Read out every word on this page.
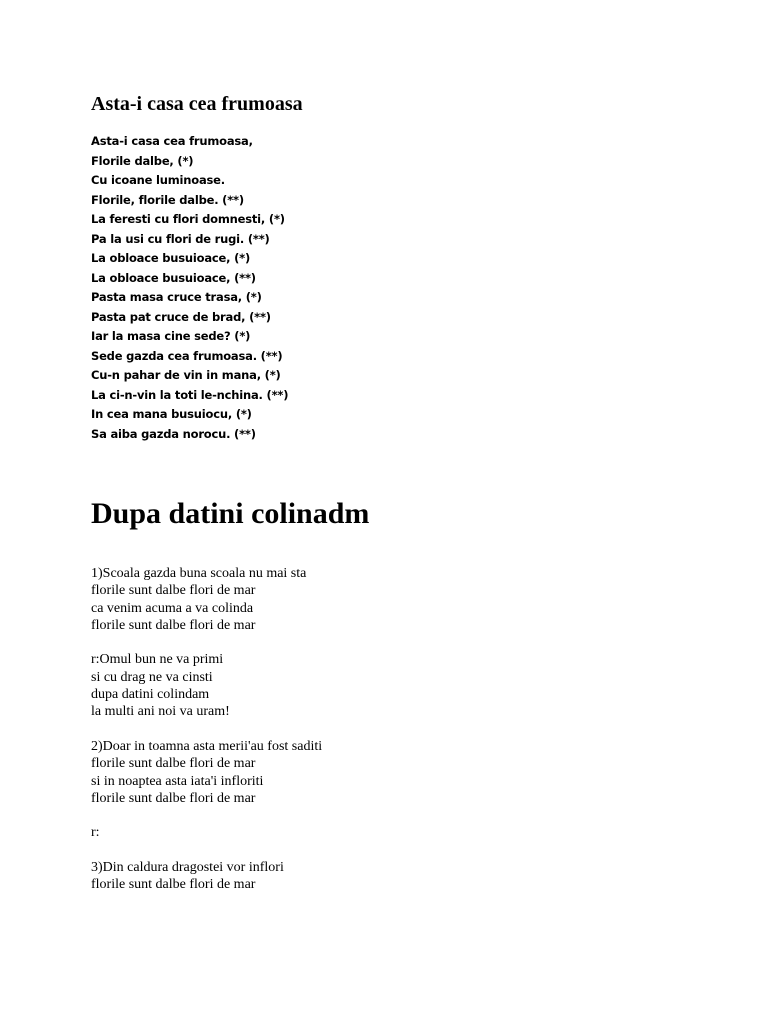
Asta-i casa cea frumoasa
Asta-i casa cea frumoasa,
Florile dalbe, (*)
Cu icoane luminoase.
Florile, florile dalbe. (**)
La feresti cu flori domnesti, (*)
Pa la usi cu flori de rugi. (**)
La obloace busuioace, (*)
La obloace busuioace, (**)
Pasta masa cruce trasa, (*)
Pasta pat cruce de brad, (**)
Iar la masa cine sede? (*)
Sede gazda cea frumoasa. (**)
Cu-n pahar de vin in mana, (*)
La ci-n-vin la toti le-nchina. (**)
In cea mana busuiocu, (*)
Sa aiba gazda norocu. (**)
Dupa datini colinadm
1)Scoala gazda buna scoala nu mai sta
florile sunt dalbe flori de mar
ca venim acuma a va colinda
florile sunt dalbe flori de mar
r:Omul bun ne va primi
si cu drag ne va cinsti
dupa datini colindam
la multi ani noi va uram!
2)Doar in toamna asta merii'au fost saditi
florile sunt dalbe flori de mar
si in noaptea asta iata'i infloriti
florile sunt dalbe flori de mar
r:
3)Din caldura dragostei vor inflori
florile sunt dalbe flori de mar
